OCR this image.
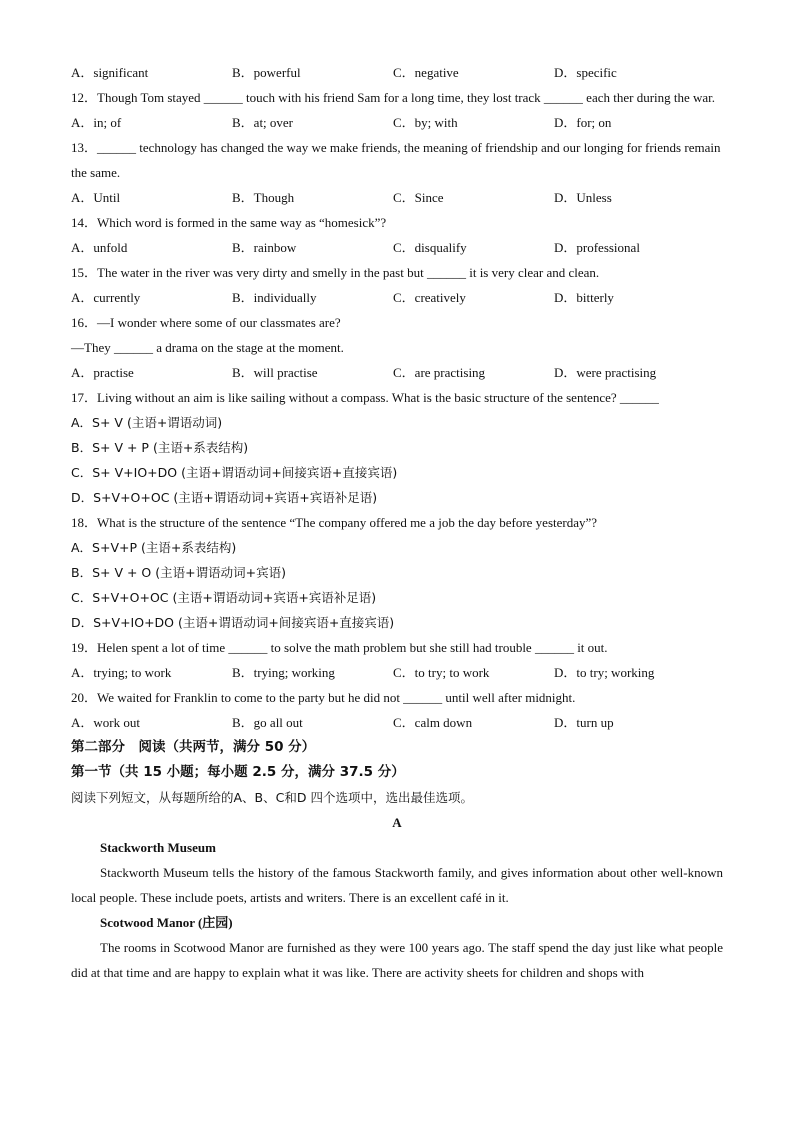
A．significant	B．powerful	C．negative	D．specific
12．Though Tom stayed ______ touch with his friend Sam for a long time, they lost track ______ each ther during the war.
A．in; of	B．at; over	C．by; with	D．for; on
13．______ technology has changed the way we make friends, the meaning of friendship and our longing for friends remain the same.
A．Until	B．Though	C．Since	D．Unless
14．Which word is formed in the same way as “homesick”?
A．unfold	B．rainbow	C．disqualify	D．professional
15．The water in the river was very dirty and smelly in the past but ______ it is very clear and clean.
A．currently	B．individually	C．creatively	D．bitterly
16．—I wonder where some of our classmates are?
—They ______ a drama on the stage at the moment.
A．practise	B．will practise	C．are practising	D．were practising
17．Living without an aim is like sailing without a compass. What is the basic structure of the sentence? ______
A．S+ V (主语+谓语动词)
B．S+ V + P (主语+系表结构)
C．S+ V+IO+DO (主语+谓语动词+间接宾语+直接宾语)
D．S+V+O+OC (主语+谓语动词+宾语+宾语补足语)
18．What is the structure of the sentence “The company offered me a job the day before yesterday”?
A．S+V+P (主语+系表结构)
B．S+ V + O (主语+谓语动词+宾语)
C．S+V+O+OC (主语+谓语动词+宾语+宾语补足语)
D．S+V+IO+DO (主语+谓语动词+间接宾语+直接宾语)
19．Helen spent a lot of time ______ to solve the math problem but she still had trouble ______ it out.
A．trying; to work	B．trying; working	C．to try; to work	D．to try; working
20．We waited for Franklin to come to the party but he did not ______ until well after midnight.
A．work out	B．go all out	C．calm down	D．turn up
第二部分　阅读（共两节，满分 50 分）
第一节（共 15 小题；每小题 2.5 分，满分 37.5 分）
阅读下列短文，从每题所给的A、B、C和D 四个选项中，选出最佳选项。
A
Stackworth Museum
Stackworth Museum tells the history of the famous Stackworth family, and gives information about other well-known local people. These include poets, artists and writers. There is an excellent café in it.
Scotwood Manor (庄园)
The rooms in Scotwood Manor are furnished as they were 100 years ago. The staff spend the day just like what people did at that time and are happy to explain what it was like. There are activity sheets for children and shops with
